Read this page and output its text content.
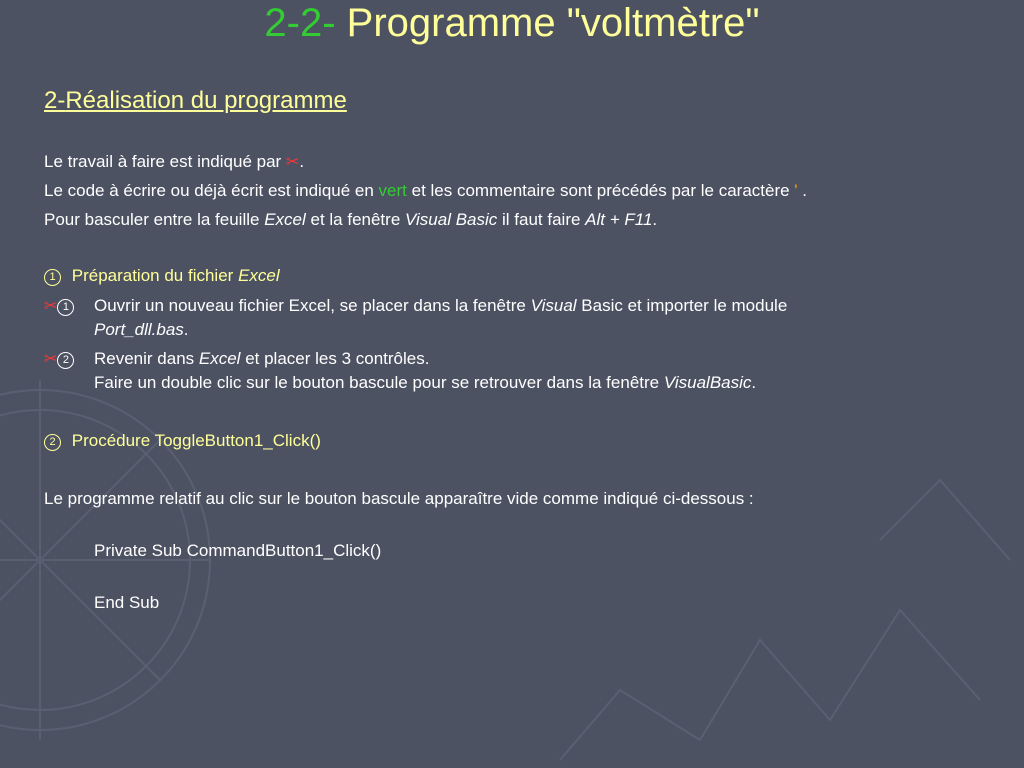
2-2- Programme "voltmètre"
2-Réalisation du programme
Le travail à faire est indiqué par ✂.
Le code à écrire ou déjà écrit est indiqué en vert et les commentaire sont précédés par le caractère ' .
Pour basculer entre la feuille Excel et la fenêtre Visual Basic il faut faire Alt + F11.
1 Préparation du fichier Excel
✂ 1	Ouvrir un nouveau fichier Excel, se placer dans la fenêtre Visual Basic et importer le module
Port_dll.bas.
✂ 2	Revenir dans Excel et placer les 3 contrôles.
Faire un double clic sur le bouton bascule pour se retrouver dans la fenêtre VisualBasic.
2 Procédure ToggleButton1_Click()
Le programme relatif au clic sur le bouton bascule apparaître vide comme indiqué ci-dessous :
Private Sub CommandButton1_Click()
End Sub
